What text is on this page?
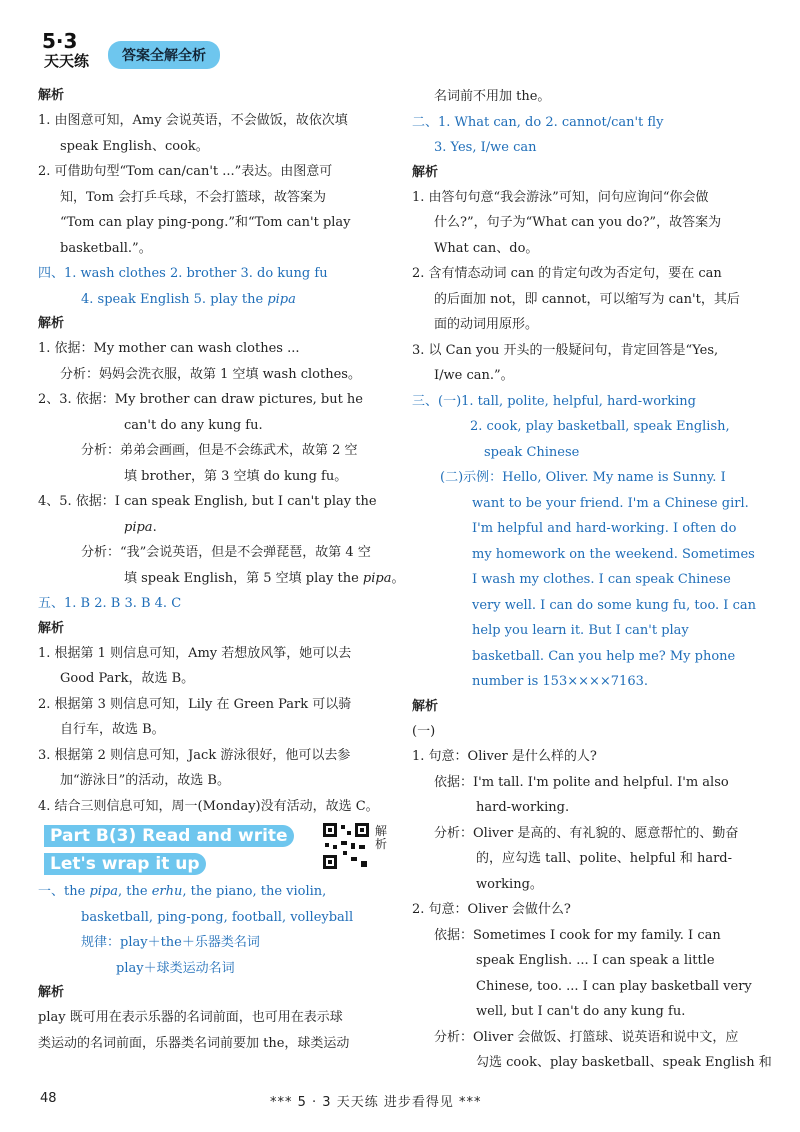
5·3
天天练	答案全解全析
解析
1. 由图意可知，Amy 会说英语，不会做饭，故依次填
speak English、cook。
2. 可借助句型“Tom can/can't ...”表达。由图意可
知，Tom 会打乒乓球，不会打篮球，故答案为
“Tom can play ping-pong.”和“Tom can't play
basketball.”。
四、1. wash clothes 2. brother 3. do kung fu
4. speak English 5. play the pipa
解析
1. 依据：My mother can wash clothes ...
分析：妈妈会洗衣服，故第 1 空填 wash clothes。
2、3. 依据：My brother can draw pictures, but he
can't do any kung fu.
分析：弟弟会画画，但是不会练武术，故第 2 空
填 brother，第 3 空填 do kung fu。
4、5. 依据：I can speak English, but I can't play the
pipa.
分析：“我”会说英语，但是不会弹琵琶，故第 4 空
填 speak English，第 5 空填 play the pipa。
五、1. B 2. B 3. B 4. C
解析
1. 根据第 1 则信息可知，Amy 若想放风筝，她可以去
Good Park，故选 B。
2. 根据第 3 则信息可知，Lily 在 Green Park 可以骑
自行车，故选 B。
3. 根据第 2 则信息可知，Jack 游泳很好，他可以去参
加“游泳日”的活动，故选 B。
4. 结合三则信息可知，周一(Monday)没有活动，故选 C。
Part B(3) Read and write
Let's wrap it up
解析
一、the pipa, the erhu, the piano, the violin,
basketball, ping-pong, football, volleyball
规律：play＋the＋乐器类名词
play＋球类运动名词
解析
play 既可用在表示乐器的名词前面，也可用在表示球
类运动的名词前面，乐器类名词前要加 the，球类运动
名词前不用加 the。
二、1. What can, do 2. cannot/can't fly
3. Yes, I/we can
解析
1. 由答句句意“我会游泳”可知，问句应询问“你会做
什么?”，句子为“What can you do?”，故答案为
What can、do。
2. 含有情态动词 can 的肯定句改为否定句，要在 can
的后面加 not，即 cannot，可以缩写为 can't，其后
面的动词用原形。
3. 以 Can you 开头的一般疑问句，肯定回答是“Yes,
I/we can.”。
三、(一)1. tall, polite, helpful, hard-working
2. cook, play basketball, speak English,
speak Chinese
(二)示例：Hello, Oliver. My name is Sunny. I
want to be your friend. I'm a Chinese girl.
I'm helpful and hard-working. I often do
my homework on the weekend. Sometimes
I wash my clothes. I can speak Chinese
very well. I can do some kung fu, too. I can
help you learn it. But I can't play
basketball. Can you help me? My phone
number is 153××××7163.
解析
(一)
1. 句意：Oliver 是什么样的人?
依据：I'm tall. I'm polite and helpful. I'm also
hard-working.
分析：Oliver 是高的、有礼貌的、愿意帮忙的、勤奋
的，应勾选 tall、polite、helpful 和 hard-
working。
2. 句意：Oliver 会做什么?
依据：Sometimes I cook for my family. I can
speak English. ... I can speak a little
Chinese, too. ... I can play basketball very
well, but I can't do any kung fu.
分析：Oliver 会做饭、打篮球、说英语和说中文，应
勾选 cook、play basketball、speak English 和
48	*** 5 · 3 天天练 进步看得见 ***
